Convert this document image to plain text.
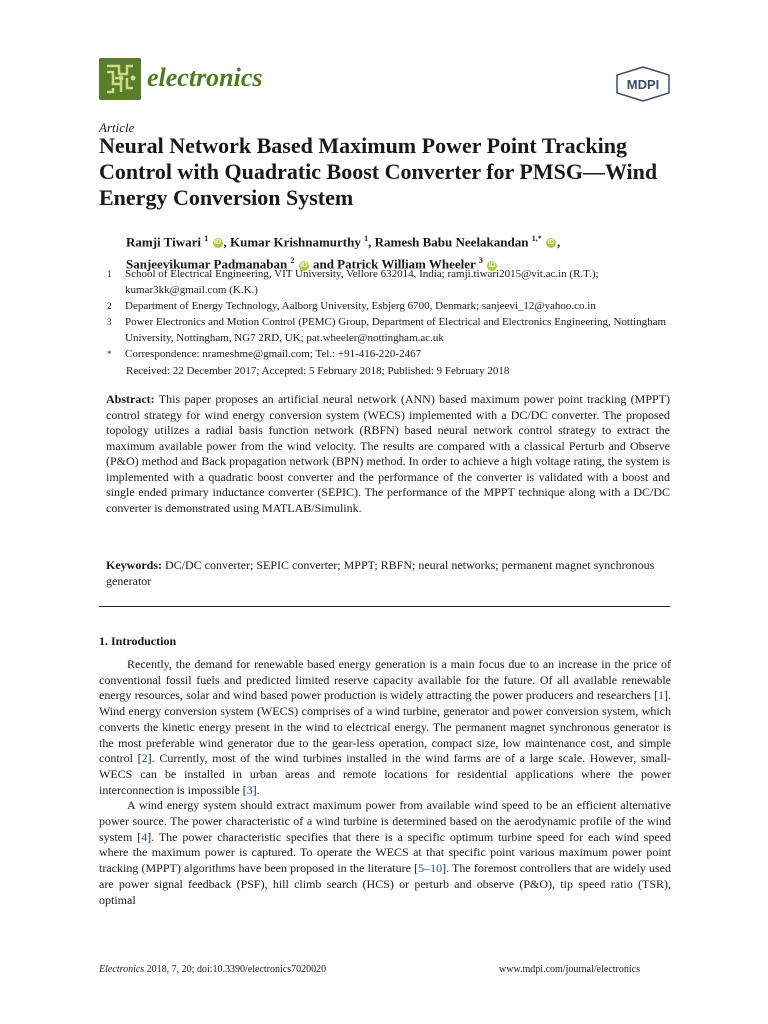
electronics	MDPI
Article
Neural Network Based Maximum Power Point Tracking Control with Quadratic Boost Converter for PMSG—Wind Energy Conversion System
Ramji Tiwari $^1$ iD , Kumar Krishnamurthy $^1$, Ramesh Babu Neelakandan $^{1,*}$ iD ,
Sanjeevikumar Padmanaban $^2$ iD and Patrick William Wheeler $^3$ iD
1	School of Electrical Engineering, VIT University, Vellore 632014, India; ramji.tiwari2015@vit.ac.in (R.T.); kumar3kk@gmail.com (K.K.)
2	Department of Energy Technology, Aalborg University, Esbjerg 6700, Denmark; sanjeevi_12@yahoo.co.in
3	Power Electronics and Motion Control (PEMC) Group, Department of Electrical and Electronics Engineering, Nottingham University, Nottingham, NG7 2RD, UK; pat.wheeler@nottingham.ac.uk
*	Correspondence: nrameshme@gmail.com; Tel.: +91-416-220-2467
Received: 22 December 2017; Accepted: 5 February 2018; Published: 9 February 2018
Abstract: This paper proposes an artificial neural network (ANN) based maximum power point tracking (MPPT) control strategy for wind energy conversion system (WECS) implemented with a DC/DC converter. The proposed topology utilizes a radial basis function network (RBFN) based neural network control strategy to extract the maximum available power from the wind velocity. The results are compared with a classical Perturb and Observe (P&O) method and Back propagation network (BPN) method. In order to achieve a high voltage rating, the system is implemented with a quadratic boost converter and the performance of the converter is validated with a boost and single ended primary inductance converter (SEPIC). The performance of the MPPT technique along with a DC/DC converter is demonstrated using MATLAB/Simulink.
Keywords: DC/DC converter; SEPIC converter; MPPT; RBFN; neural networks; permanent magnet synchronous generator
1. Introduction

Recently, the demand for renewable based energy generation is a main focus due to an increase in the price of conventional fossil fuels and predicted limited reserve capacity available for the future. Of all available renewable energy resources, solar and wind based power production is widely attracting the power producers and researchers [1]. Wind energy conversion system (WECS) comprises of a wind turbine, generator and power conversion system, which converts the kinetic energy present in the wind to electrical energy. The permanent magnet synchronous generator is the most preferable wind generator due to the gear-less operation, compact size, low maintenance cost, and simple control [2]. Currently, most of the wind turbines installed in the wind farms are of a large scale. However, small-WECS can be installed in urban areas and remote locations for residential applications where the power interconnection is impossible [3].

A wind energy system should extract maximum power from available wind speed to be an efficient alternative power source. The power characteristic of a wind turbine is determined based on the aerodynamic profile of the wind system [4]. The power characteristic specifies that there is a specific optimum turbine speed for each wind speed where the maximum power is captured. To operate the WECS at that specific point various maximum power point tracking (MPPT) algorithms have been proposed in the literature [5–10]. The foremost controllers that are widely used are power signal feedback (PSF), hill climb search (HCS) or perturb and observe (P&O), tip speed ratio (TSR), optimal

Electronics 2018, 7, 20; doi:10.3390/electronics7020020	www.mdpi.com/journal/electronics
